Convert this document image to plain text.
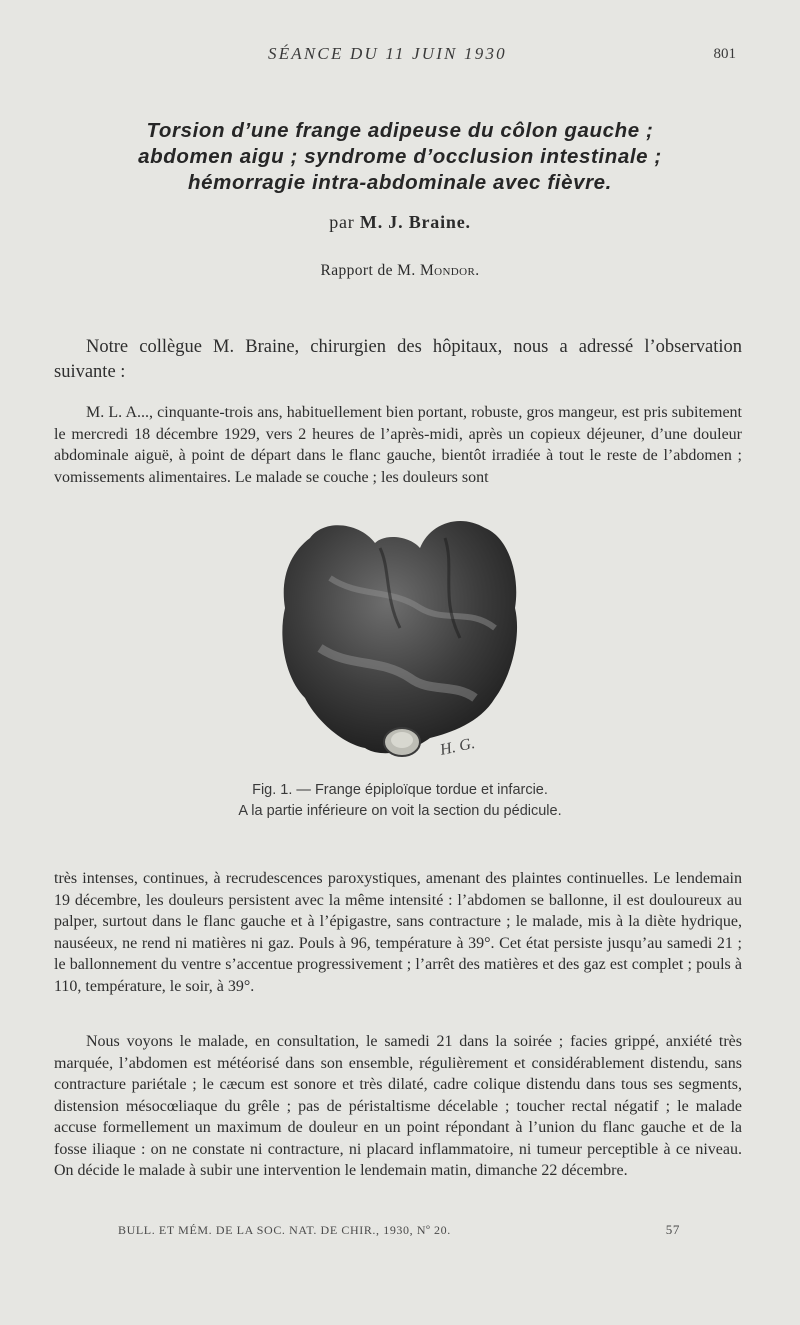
SÉANCE DU 11 JUIN 1930	801
Torsion d’une frange adipeuse du côlon gauche ;
abdomen aigu ; syndrome d’occlusion intestinale ;
hémorragie intra-abdominale avec fièvre.
par M. J. Braine.
Rapport de M. Mondor.

Notre collègue M. Braine, chirurgien des hôpitaux, nous a adressé l’observation suivante :

M. L. A..., cinquante-trois ans, habituellement bien portant, robuste, gros mangeur, est pris subitement le mercredi 18 décembre 1929, vers 2 heures de l’après-midi, après un copieux déjeuner, d’une douleur abdominale aiguë, à point de départ dans le flanc gauche, bientôt irradiée à tout le reste de l’abdomen ; vomissements alimentaires. Le malade se couche ; les douleurs sont

H. G.
Fig. 1. — Frange épiploïque tordue et infarcie.
A la partie inférieure on voit la section du pédicule.

très intenses, continues, à recrudescences paroxystiques, amenant des plaintes continuelles. Le lendemain 19 décembre, les douleurs persistent avec la même intensité : l’abdomen se ballonne, il est douloureux au palper, surtout dans le flanc gauche et à l’épigastre, sans contracture ; le malade, mis à la diète hydrique, nauséeux, ne rend ni matières ni gaz. Pouls à 96, température à 39°. Cet état persiste jusqu’au samedi 21 ; le ballonnement du ventre s’accentue progressivement ; l’arrêt des matières et des gaz est complet ; pouls à 110, température, le soir, à 39°.

Nous voyons le malade, en consultation, le samedi 21 dans la soirée ; facies grippé, anxiété très marquée, l’abdomen est météorisé dans son ensemble, régulièrement et considérablement distendu, sans contracture pariétale ; le cæcum est sonore et très dilaté, cadre colique distendu dans tous ses segments, distension mésocœliaque du grêle ; pas de péristaltisme décelable ; toucher rectal négatif ; le malade accuse formellement un maximum de douleur en un point répondant à l’union du flanc gauche et de la fosse iliaque : on ne constate ni contracture, ni placard inflammatoire, ni tumeur perceptible à ce niveau. On décide le malade à subir une intervention le lendemain matin, dimanche 22 décembre.

BULL. ET MÉM. DE LA SOC. NAT. DE CHIR., 1930, Nº 20.	57
